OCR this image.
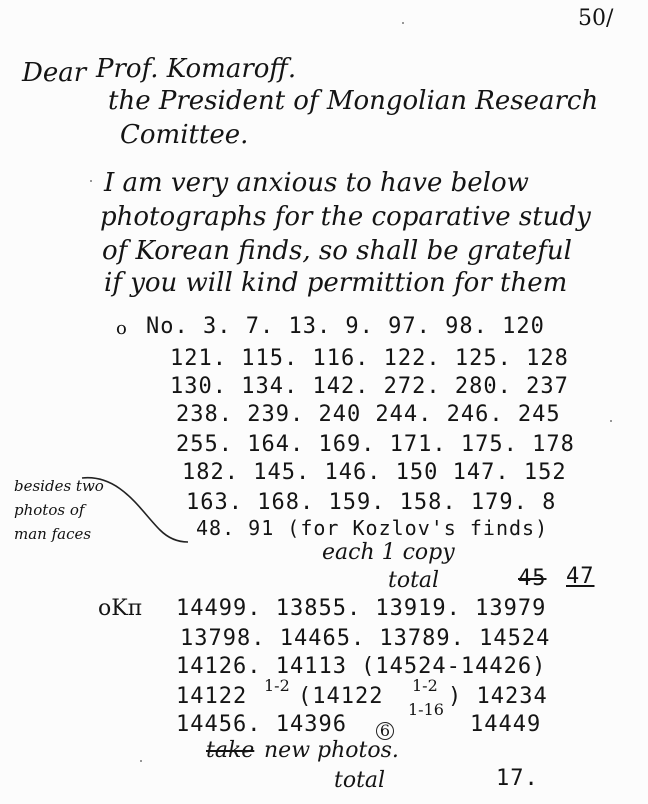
50/
Dear Prof. Komaroff.
the President of Mongolian Research
Comittee.
I am very anxious to have below
photographs for the coparative study
of Korean finds, so shall be grateful
if you will kind permittion for them
o No. 3. 7. 13. 9. 97. 98. 120
121. 115. 116. 122. 125. 128
130. 134. 142. 272. 280. 237
238. 239. 240 244. 246. 245
255. 164. 169. 171. 175. 178
182. 145. 146. 150 147. 152
163. 168. 159. 158. 179. 8
48. 91 (for Kozlov's finds)
besides two
photos of
man faces
each 1 copy
total	45 47
oKπ 14499. 13855. 13919. 13979
13798. 14465. 13789. 14524
14126. 14113 (14524-14426)
14122 1-2 (14122 1-2
1-16
) 14234
14456. 14396 6	14449
take new photos.
total	17.
